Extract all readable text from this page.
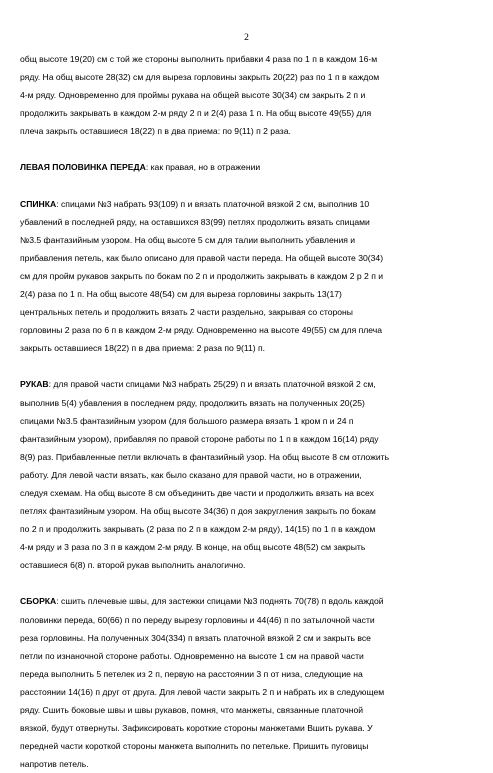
2

общ высоте 19(20) см с той же стороны выполнить прибавки 4 раза по 1 п в каждом 16-м
ряду. На общ высоте 28(32) см для выреза горловины закрыть 20(22) раз по 1 п в каждом
4-м ряду. Одновременно для проймы рукава на общей высоте 30(34) см закрыть 2 п и
продолжить закрывать в каждом 2-м ряду 2 п и 2(4) раза 1 п. На общ высоте 49(55) для
плеча закрыть оставшиеся 18(22) п в два приема: по 9(11) п 2 раза.

ЛЕВАЯ ПОЛОВИНКА ПЕРЕДА: как правая, но в отражении

СПИНКА: спицами №3 набрать 93(109) п и вязать платочной вязкой 2 см, выполнив 10
убавлений в последней ряду, на оставшихся 83(99) петлях продолжить вязать спицами
№3.5 фантазийным узором. На общ высоте 5 см для талии выполнить убавления и
прибавления петель, как было описано для правой части переда. На общей высоте 30(34)
см для пройм рукавов закрыть по бокам по 2 п и продолжить закрывать в каждом 2 р 2 п и
2(4) раза по 1 п. На общ высоте 48(54) см для выреза горловины закрыть 13(17)
центральных петель и продолжить вязать 2 части раздельно, закрывая со стороны
горловины 2 раза по 6 п в каждом 2-м ряду. Одновременно на высоте 49(55) см для плеча
закрыть оставшиеся 18(22) п в два приема: 2 раза по 9(11) п.

РУКАВ: для правой части спицами №3 набрать 25(29) п и вязать платочной вязкой 2 см,
выполнив 5(4) убавления в последнем ряду, продолжить вязать на полученных 20(25)
спицами №3.5 фантазийным узором (для большого размера вязать 1 кром п и 24 п
фантазийным узором), прибавляя по правой стороне работы по 1 п в каждом 16(14) ряду
8(9) раз. Прибавленные петли включать в фантазийный узор. На общ высоте 8 см отложить
работу. Для левой части вязать, как было сказано для правой части, но в отражении,
следуя схемам. На общ высоте 8 см объединить две части и продолжить вязать на всех
петлях фантазийным узором. На общ высоте 34(36) п доя закругления закрыть по бокам
по 2 п и продолжить закрывать (2 раза по 2 п в каждом 2-м ряду), 14(15) по 1 п в каждом
4-м ряду и 3 раза по 3 п в каждом 2-м ряду. В конце, на общ высоте 48(52) см закрыть
оставшиеся 6(8) п. второй рукав выполнить аналогично.

СБОРКА: сшить плечевые швы, для застежки спицами №3 поднять 70(78) п вдоль каждой
половинки переда, 60(66) п по переду вырезу горловины и 44(46) п по затылочной части
реза горловины. На полученных 304(334) п вязать платочной вязкой 2 см и закрыть все
петли по изнаночной стороне работы. Одновременно на высоте 1 см на правой части
переда выполнить 5 петелек из 2 п, первую на расстоянии 3 п от низа, следующие на
расстоянии 14(16) п друг от друга. Для левой части закрыть 2 п и набрать их в следующем
ряду. Сшить боковые швы и швы рукавов, помня, что манжеты, связанные платочной
вязкой, будут отвернуты. Зафиксировать короткие стороны манжетами Вшить рукава. У
передней части короткой стороны манжета выполнить по петельке. Пришить пуговицы
напротив петель.
